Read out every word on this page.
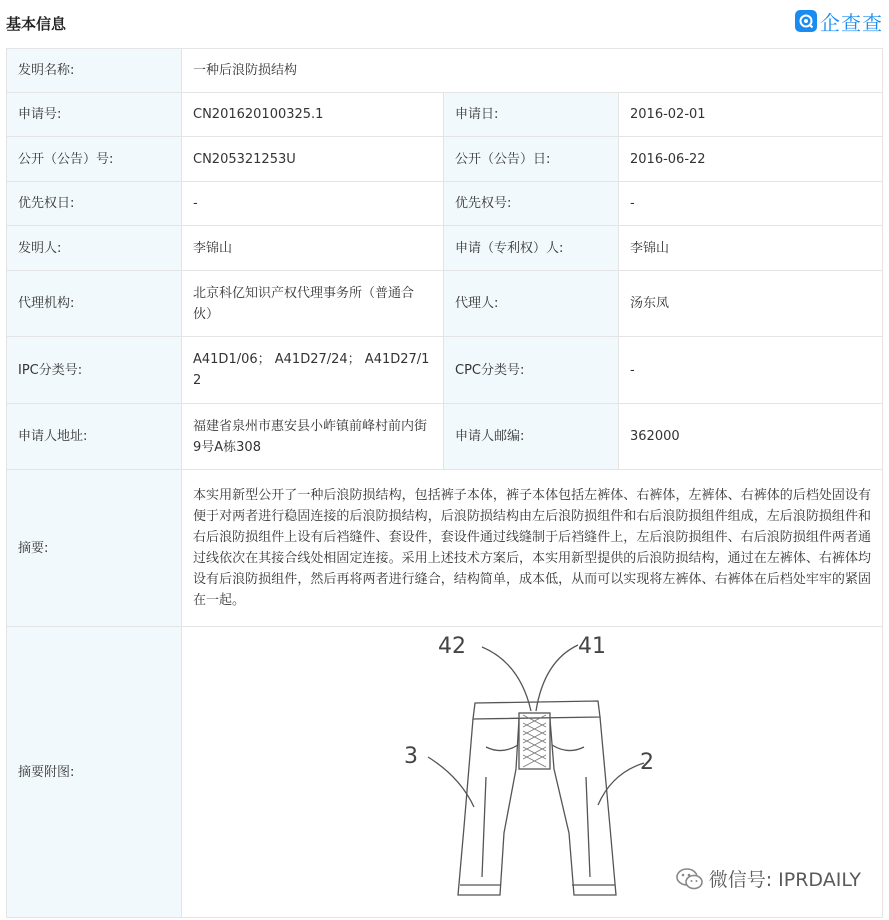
基本信息	企查查
发明名称:	一种后浪防损结构		
申请号:	CN201620100325.1	申请日:	2016-02-01
公开（公告）号:	CN205321253U	公开（公告）日:	2016-06-22
优先权日:	-	优先权号:	-
发明人:	李锦山	申请（专利权）人:	李锦山
代理机构:	北京科亿知识产权代理事务所（普通合伙）	代理人:	汤东凤
IPC分类号:	A41D1/06； A41D27/24； A41D27/12	CPC分类号:	-
申请人地址:	福建省泉州市惠安县小岞镇前峰村前内街9号A栋308	申请人邮编:	362000
摘要:	本实用新型公开了一种后浪防损结构，包括裤子本体，裤子本体包括左裤体、右裤体，左裤体、右裤体的后档处固设有便于对两者进行稳固连接的后浪防损结构，后浪防损结构由左后浪防损组件和右后浪防损组件组成，左后浪防损组件和右后浪防损组件上设有后裆缝件、套设件，套设件通过线缝制于后裆缝件上，左后浪防损组件、右后浪防损组件两者通过线依次在其接合线处相固定连接。采用上述技术方案后，本实用新型提供的后浪防损结构，通过在左裤体、右裤体均设有后浪防损组件，然后再将两者进行缝合，结构简单，成本低，从而可以实现将左裤体、右裤体在后档处牢牢的紧固在一起。		
摘要附图:	42 41
3 2		
微信号: IPRDAILY
